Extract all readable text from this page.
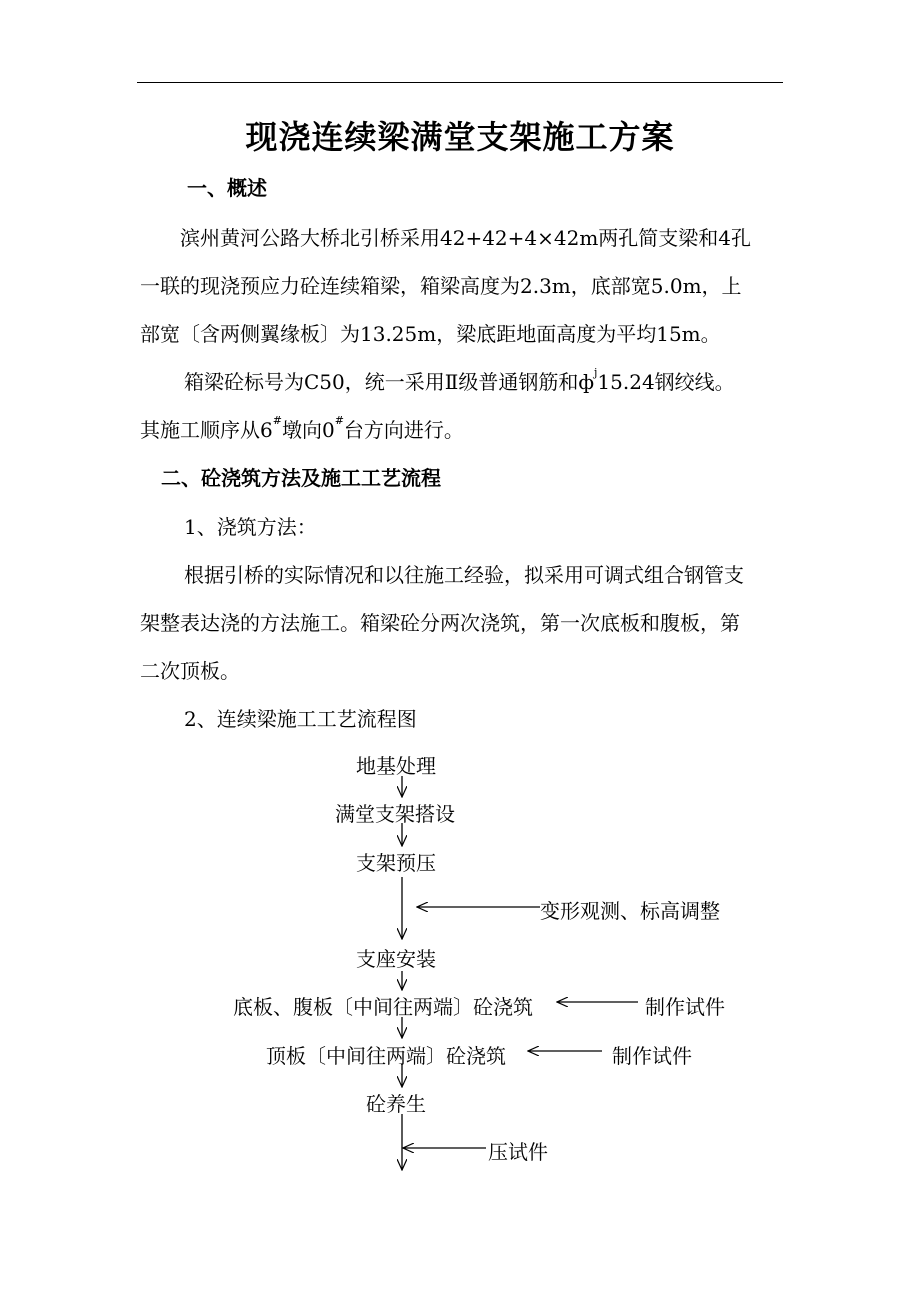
现浇连续梁满堂支架施工方案
一、概述
滨州黄河公路大桥北引桥采用42+42+4×42m两孔简支梁和4孔
一联的现浇预应力砼连续箱梁，箱梁高度为2.3m，底部宽5.0m，上
部宽〔含两侧翼缘板〕为13.25m，梁底距地面高度为平均15m。
箱梁砼标号为C50，统一采用Ⅱ级普通钢筋和$ф^j15.24$钢绞线。
其施工顺序从6#墩向0#台方向进行。
二、砼浇筑方法及施工工艺流程
1、浇筑方法：
根据引桥的实际情况和以往施工经验，拟采用可调式组合钢管支
架整表达浇的方法施工。箱梁砼分两次浇筑，第一次底板和腹板，第
二次顶板。
2、连续梁施工工艺流程图
地基处理
满堂支架搭设
支架预压
变形观测、标高调整
支座安装
底板、腹板〔中间往两端〕砼浇筑	制作试件
顶板〔中间往两端〕砼浇筑	制作试件
砼养生
压试件
